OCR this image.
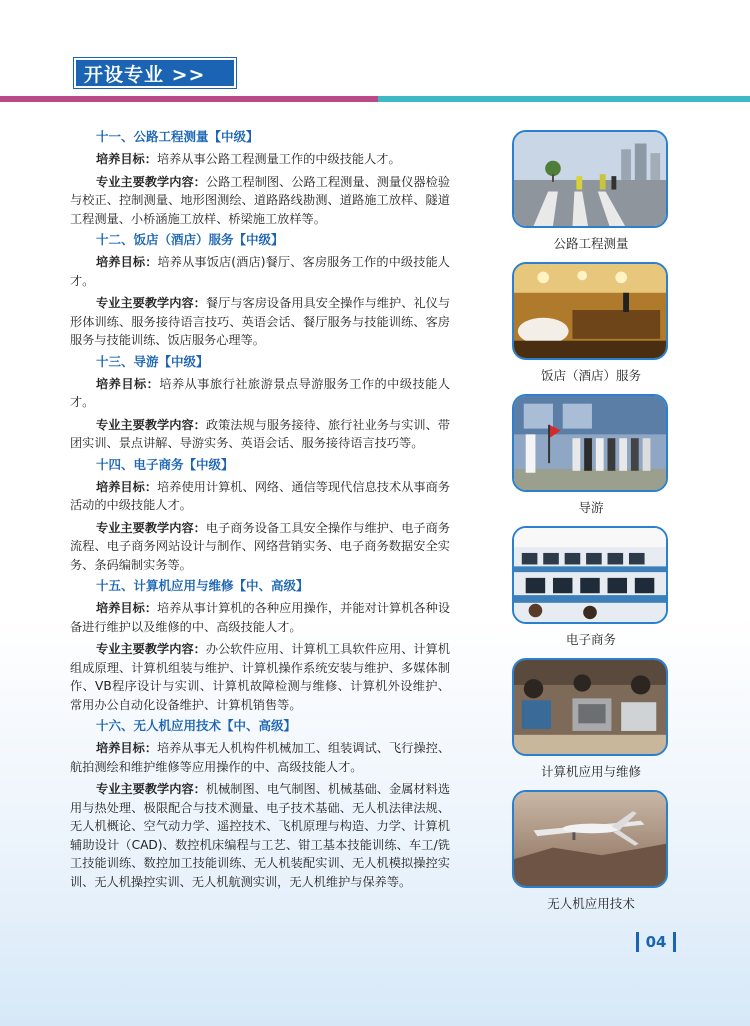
开设专业 >>
十一、公路工程测量【中级】

培养目标：培养从事公路工程测量工作的中级技能人才。

专业主要教学内容：公路工程制图、公路工程测量、测量仪器检验与校正、控制测量、地形图测绘、道路路线勘测、道路施工放样、隧道工程测量、小桥涵施工放样、桥梁施工放样等。

十二、饭店（酒店）服务【中级】

培养目标：培养从事饭店(酒店)餐厅、客房服务工作的中级技能人才。

专业主要教学内容：餐厅与客房设备用具安全操作与维护、礼仪与形体训练、服务接待语言技巧、英语会话、餐厅服务与技能训练、客房服务与技能训练、饭店服务心理等。

十三、导游【中级】

培养目标：培养从事旅行社旅游景点导游服务工作的中级技能人才。

专业主要教学内容：政策法规与服务接待、旅行社业务与实训、带团实训、景点讲解、导游实务、英语会话、服务接待语言技巧等。

十四、电子商务【中级】

培养目标：培养使用计算机、网络、通信等现代信息技术从事商务活动的中级技能人才。

专业主要教学内容：电子商务设备工具安全操作与维护、电子商务流程、电子商务网站设计与制作、网络营销实务、电子商务数据安全实务、条码编制实务等。

十五、计算机应用与维修【中、高级】

培养目标：培养从事计算机的各种应用操作，并能对计算机各种设备进行维护以及维修的中、高级技能人才。

专业主要教学内容：办公软件应用、计算机工具软件应用、计算机组成原理、计算机组装与维护、计算机操作系统安装与维护、多媒体制作、VB程序设计与实训、计算机故障检测与维修、计算机外设维护、常用办公自动化设备维护、计算机销售等。

十六、无人机应用技术【中、高级】

培养目标：培养从事无人机构件机械加工、组装调试、飞行操控、航拍测绘和维护维修等应用操作的中、高级技能人才。

专业主要教学内容：机械制图、电气制图、机械基础、金属材料选用与热处理、极限配合与技术测量、电子技术基础、无人机法律法规、无人机概论、空气动力学、遥控技术、飞机原理与构造、力学、计算机辅助设计（CAD)、数控机床编程与工艺、钳工基本技能训练、车工/铣工技能训练、数控加工技能训练、无人机装配实训、无人机模拟操控实训、无人机操控实训、无人机航测实训，无人机维护与保养等。

公路工程测量
饭店（酒店）服务
导游
电子商务
计算机应用与维修
无人机应用技术
04
